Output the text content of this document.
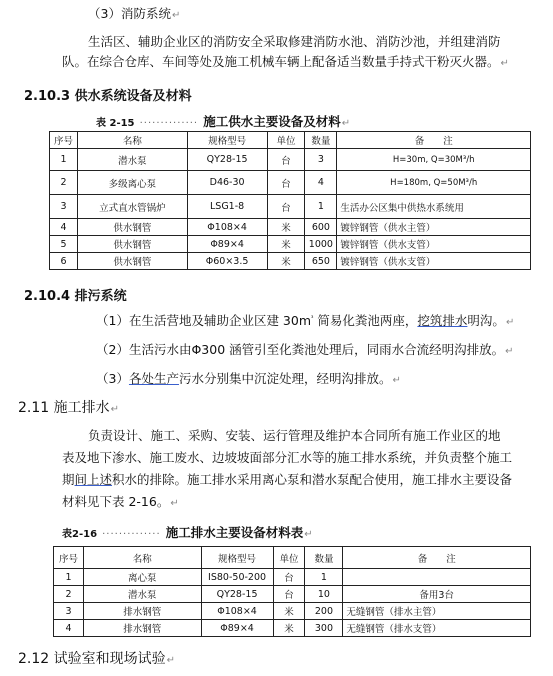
（3）消防系统↵
生活区、辅助企业区的消防安全采取修建消防水池、消防沙池，并组建消防
队。在综合仓库、车间等处及施工机械车辆上配备适当数量手持式干粉灭火器。↵
2.10.3 供水系统设备及材料
表 2-15 ·············· 施工供水主要设备及材料↵
序号	名称	规格型号	单位	数量	备　　注
1	潜水泵	QY28-15	台	3	H=30m, Q=30M³/h
2	多级离心泵	D46-30	台	4	H=180m, Q=50M³/h
3	立式直水管锅炉	LSG1-8	台	1	生活办公区集中供热水系统用
4	供水钢管	Φ108×4	米	600	镀锌钢管（供水主管）
5	供水钢管	Φ89×4	米	1000	镀锌钢管（供水支管）
6	供水钢管	Φ60×3.5	米	650	镀锌钢管（供水支管）
2.10.4 排污系统
（1）在生活营地及辅助企业区建 $30m^{^3}$ 简易化粪池两座，挖筑排水明沟。↵
（2）生活污水由Φ300 涵管引至化粪池处理后，同雨水合流经明沟排放。↵
（3）各处生产污水分别集中沉淀处理，经明沟排放。↵
2.11 施工排水↵
负责设计、施工、采购、安装、运行管理及维护本合同所有施工作业区的地
表及地下渗水、施工废水、边坡坡面部分汇水等的施工排水系统，并负责整个施工
期间上述积水的排除。施工排水采用离心泵和潜水泵配合使用，施工排水主要设备
材料见下表 2-16。↵
表2-16 ·············· 施工排水主要设备材料表↵
序号	名称	规格型号	单位	数量	备　　注
1	离心泵	IS80-50-200	台	1	
2	潜水泵	QY28-15	台	10	备用3台
3	排水钢管	Φ108×4	米	200	无缝钢管（排水主管）
4	排水钢管	Φ89×4	米	300	无缝钢管（排水支管）
2.12 试验室和现场试验↵
